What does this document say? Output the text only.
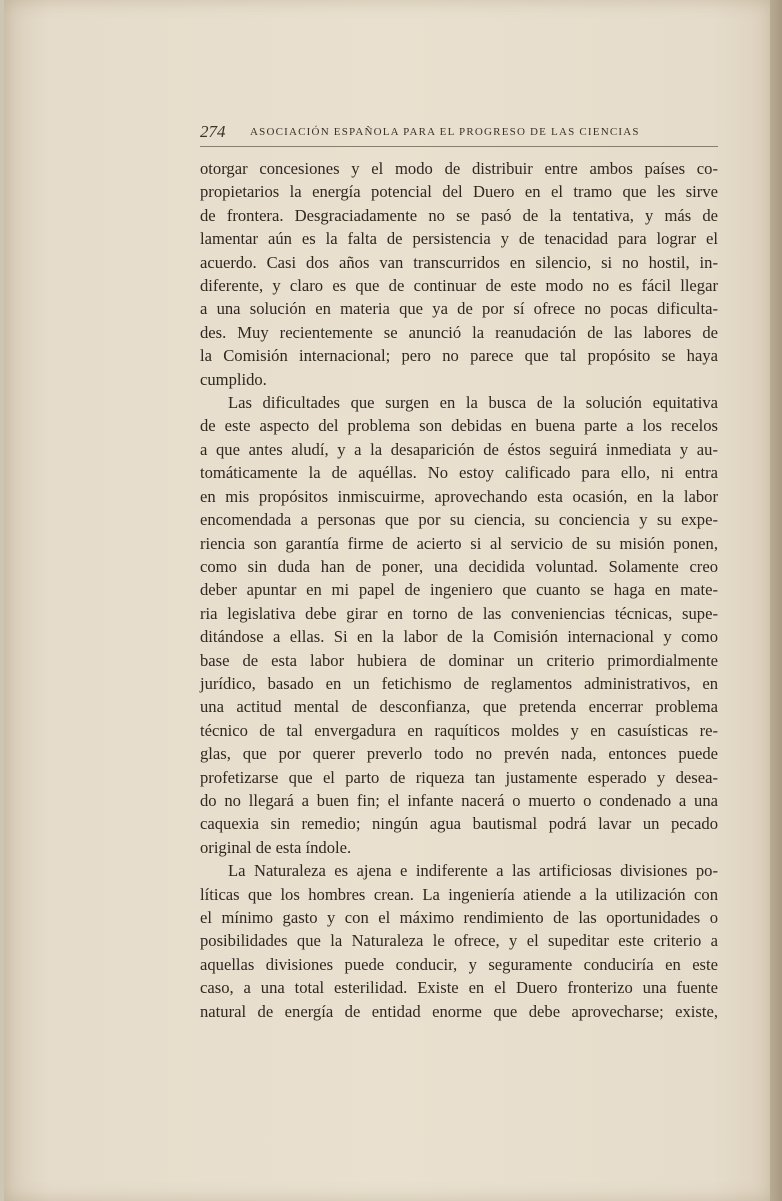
274 ASOCIACIÓN ESPAÑOLA PARA EL PROGRESO DE LAS CIENCIAS
otorgar concesiones y el modo de distribuir entre ambos países co-
propietarios la energía potencial del Duero en el tramo que les sirve
de frontera. Desgraciadamente no se pasó de la tentativa, y más de
lamentar aún es la falta de persistencia y de tenacidad para lograr el
acuerdo. Casi dos años van transcurridos en silencio, si no hostil, in-
diferente, y claro es que de continuar de este modo no es fácil llegar
a una solución en materia que ya de por sí ofrece no pocas dificulta-
des. Muy recientemente se anunció la reanudación de las labores de
la Comisión internacional; pero no parece que tal propósito se haya
cumplido.
Las dificultades que surgen en la busca de la solución equitativa
de este aspecto del problema son debidas en buena parte a los recelos
a que antes aludí, y a la desaparición de éstos seguirá inmediata y au-
tomáticamente la de aquéllas. No estoy calificado para ello, ni entra
en mis propósitos inmiscuirme, aprovechando esta ocasión, en la labor
encomendada a personas que por su ciencia, su conciencia y su expe-
riencia son garantía firme de acierto si al servicio de su misión ponen,
como sin duda han de poner, una decidida voluntad. Solamente creo
deber apuntar en mi papel de ingeniero que cuanto se haga en mate-
ria legislativa debe girar en torno de las conveniencias técnicas, supe-
ditándose a ellas. Si en la labor de la Comisión internacional y como
base de esta labor hubiera de dominar un criterio primordialmente
jurídico, basado en un fetichismo de reglamentos administrativos, en
una actitud mental de desconfianza, que pretenda encerrar problema
técnico de tal envergadura en raquíticos moldes y en casuísticas re-
glas, que por querer preverlo todo no prevén nada, entonces puede
profetizarse que el parto de riqueza tan justamente esperado y desea-
do no llegará a buen fin; el infante nacerá o muerto o condenado a una
caquexia sin remedio; ningún agua bautismal podrá lavar un pecado
original de esta índole.
La Naturaleza es ajena e indiferente a las artificiosas divisiones po-
líticas que los hombres crean. La ingeniería atiende a la utilización con
el mínimo gasto y con el máximo rendimiento de las oportunidades o
posibilidades que la Naturaleza le ofrece, y el supeditar este criterio a
aquellas divisiones puede conducir, y seguramente conduciría en este
caso, a una total esterilidad. Existe en el Duero fronterizo una fuente
natural de energía de entidad enorme que debe aprovecharse; existe,
